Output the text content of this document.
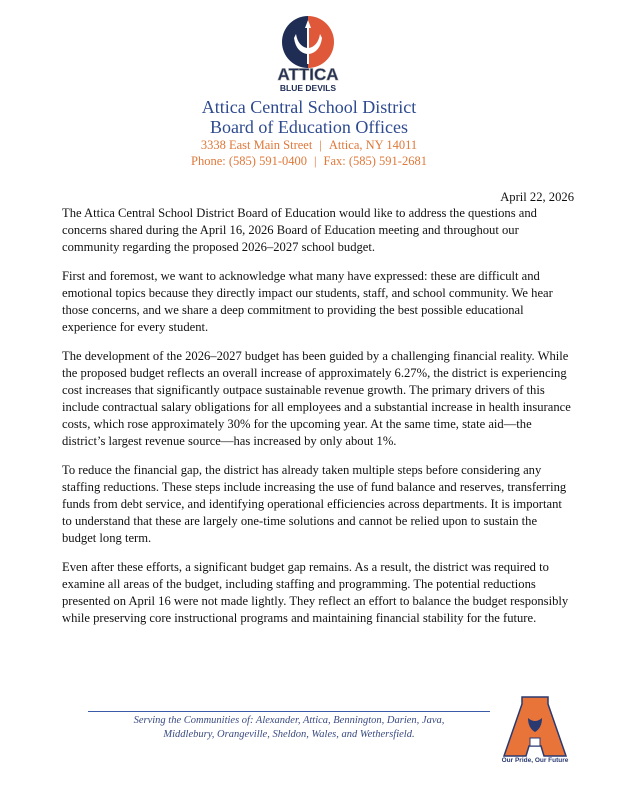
ATTICA
BLUE DEVILS
Attica Central School District
Board of Education Offices
3338 East Main Street | Attica, NY 14011
Phone: (585) 591-0400 | Fax: (585) 591-2681
April 22, 2026

The Attica Central School District Board of Education would like to address the questions and concerns shared during the April 16, 2026 Board of Education meeting and throughout our community regarding the proposed 2026–2027 school budget.

First and foremost, we want to acknowledge what many have expressed: these are difficult and emotional topics because they directly impact our students, staff, and school community. We hear those concerns, and we share a deep commitment to providing the best possible educational experience for every student.

The development of the 2026–2027 budget has been guided by a challenging financial reality. While the proposed budget reflects an overall increase of approximately 6.27%, the district is experiencing cost increases that significantly outpace sustainable revenue growth. The primary drivers of this include contractual salary obligations for all employees and a substantial increase in health insurance costs, which rose approximately 30% for the upcoming year. At the same time, state aid—the district’s largest revenue source—has increased by only about 1%.

To reduce the financial gap, the district has already taken multiple steps before considering any staffing reductions. These steps include increasing the use of fund balance and reserves, transferring funds from debt service, and identifying operational efficiencies across departments. It is important to understand that these are largely one-time solutions and cannot be relied upon to sustain the budget long term.

Even after these efforts, a significant budget gap remains. As a result, the district was required to examine all areas of the budget, including staffing and programming. The potential reductions presented on April 16 were not made lightly. They reflect an effort to balance the budget responsibly while preserving core instructional programs and maintaining financial stability for the future.

Serving the Communities of: Alexander, Attica, Bennington, Darien, Java,
Middlebury, Orangeville, Sheldon, Wales, and Wethersfield.
Our Pride, Our Future
